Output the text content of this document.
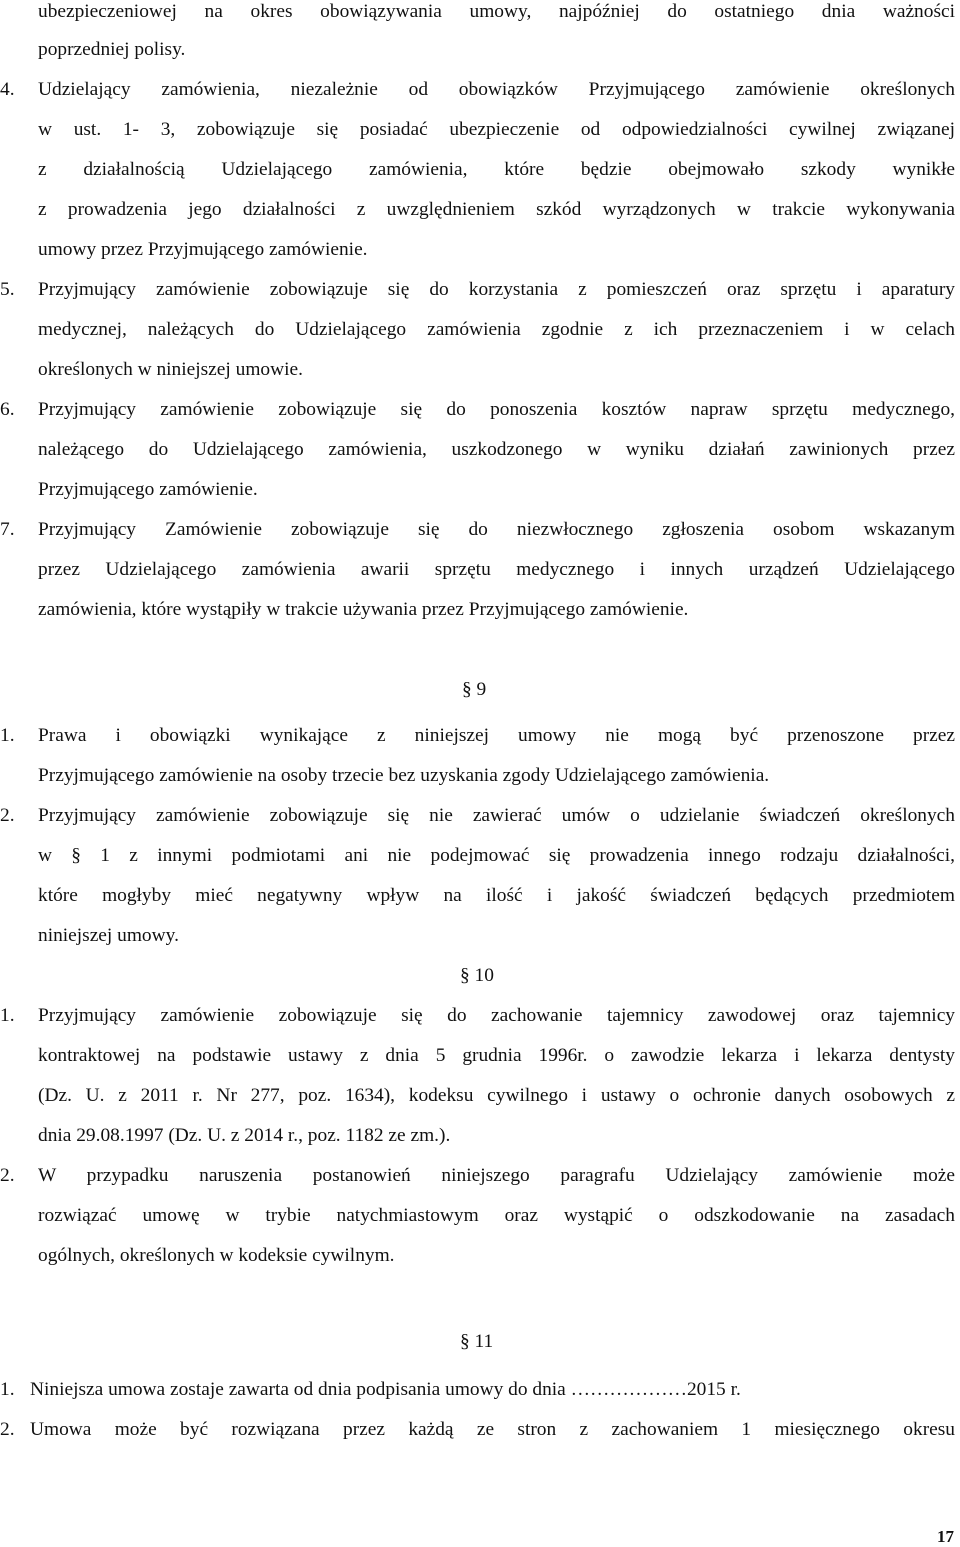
ubezpieczeniowej na okres obowiązywania umowy, najpóźniej do ostatniego dnia ważności
poprzedniej polisy.
4.	Udzielający zamówienia, niezależnie od obowiązków Przyjmującego zamówienie określonych
w ust. 1- 3, zobowiązuje się posiadać ubezpieczenie od odpowiedzialności cywilnej związanej
z działalnością Udzielającego zamówienia, które będzie obejmowało szkody wynikłe
z prowadzenia jego działalności z uwzględnieniem szkód wyrządzonych w trakcie wykonywania
umowy przez Przyjmującego zamówienie.
5.	Przyjmujący zamówienie zobowiązuje się do korzystania z pomieszczeń oraz sprzętu i aparatury
medycznej, należących do Udzielającego zamówienia zgodnie z ich przeznaczeniem i w celach
określonych w niniejszej umowie.
6.	Przyjmujący zamówienie zobowiązuje się do ponoszenia kosztów napraw sprzętu medycznego,
należącego do Udzielającego zamówienia, uszkodzonego w wyniku działań zawinionych przez
Przyjmującego zamówienie.
7.	Przyjmujący Zamówienie zobowiązuje się do niezwłocznego zgłoszenia osobom wskazanym
przez Udzielającego zamówienia awarii sprzętu medycznego i innych urządzeń Udzielającego
zamówienia, które wystąpiły w trakcie używania przez Przyjmującego zamówienie.
1.	Prawa i obowiązki wynikające z niniejszej umowy nie mogą być przenoszone przez
Przyjmującego zamówienie na osoby trzecie bez uzyskania zgody Udzielającego zamówienia.
2.	Przyjmujący zamówienie zobowiązuje się nie zawierać umów o udzielanie świadczeń określonych
w § 1 z innymi podmiotami ani nie podejmować się prowadzenia innego rodzaju działalności,
które mogłyby mieć negatywny wpływ na ilość i jakość świadczeń będących przedmiotem
niniejszej umowy.
1.	Przyjmujący zamówienie zobowiązuje się do zachowanie tajemnicy zawodowej oraz tajemnicy
kontraktowej na podstawie ustawy z dnia 5 grudnia 1996r. o zawodzie lekarza i lekarza dentysty
(Dz. U. z 2011 r. Nr 277, poz. 1634), kodeksu cywilnego i ustawy o ochronie danych osobowych z
dnia 29.08.1997 (Dz. U. z 2014 r., poz. 1182 ze zm.).
2.	W przypadku naruszenia postanowień niniejszego paragrafu Udzielający zamówienie może
rozwiązać umowę w trybie natychmiastowym oraz wystąpić o odszkodowanie na zasadach
ogólnych, określonych w kodeksie cywilnym.
1. Niniejsza umowa zostaje zawarta od dnia podpisania umowy do dnia ………………2015 r.
2. Umowa może być rozwiązana przez każdą ze stron z zachowaniem 1 miesięcznego okresu
§ 9
§ 10
§ 11
17
